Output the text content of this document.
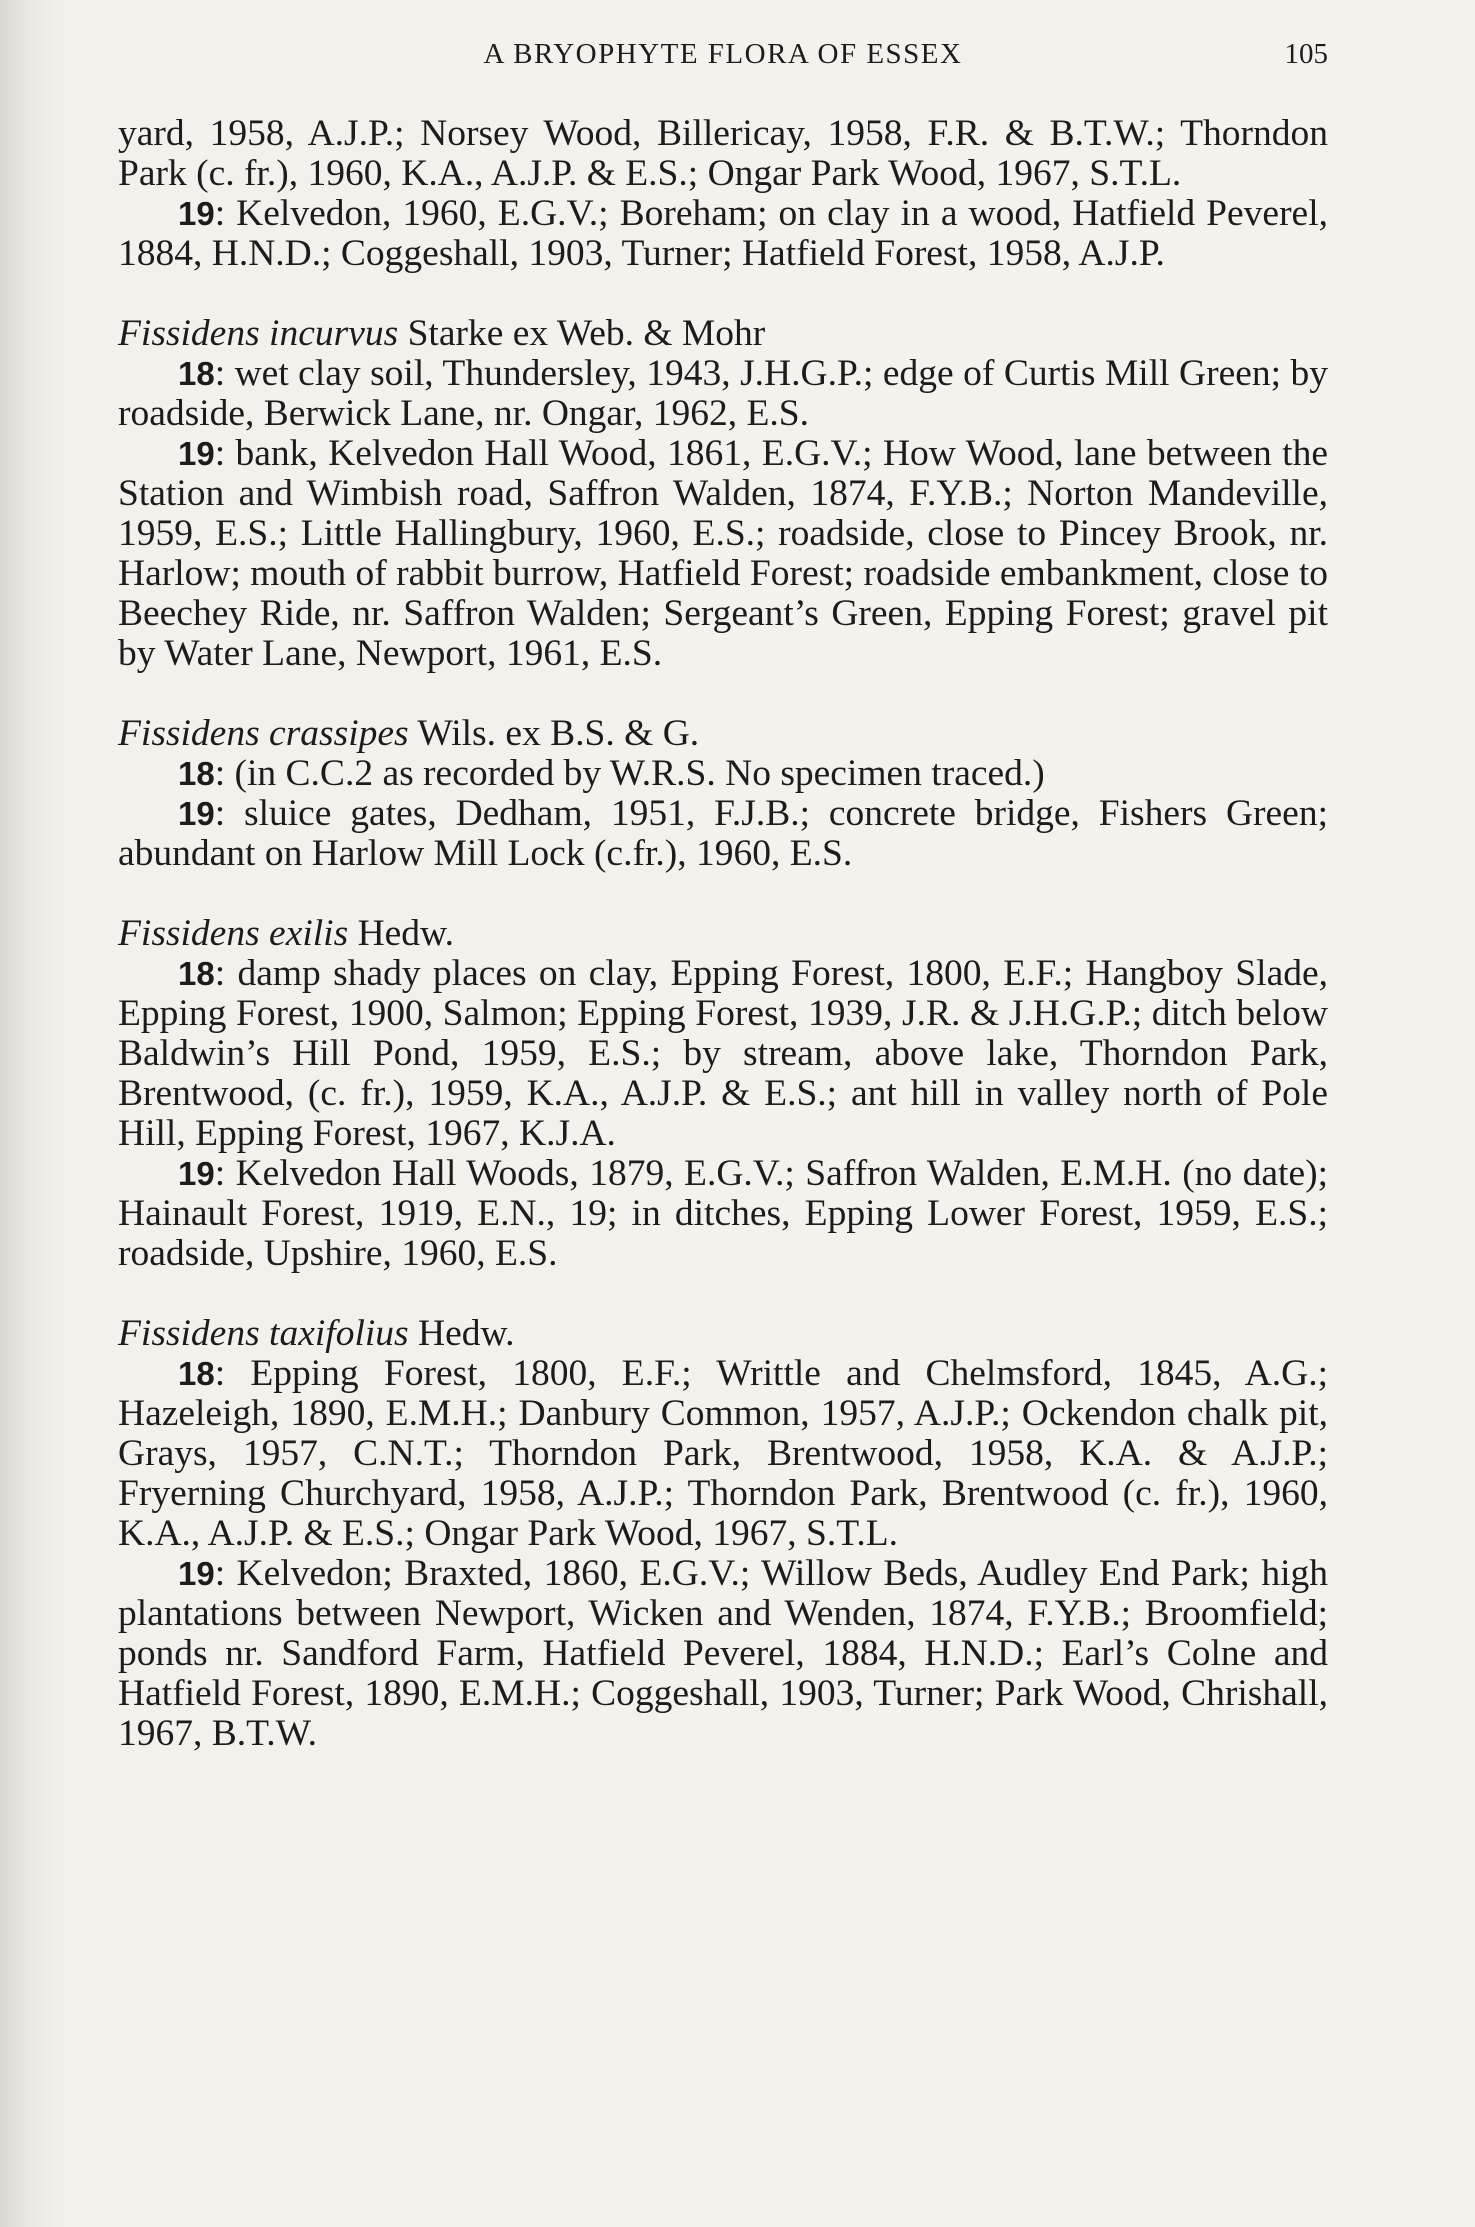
A BRYOPHYTE FLORA OF ESSEX	105

yard, 1958, A.J.P.; Norsey Wood, Billericay, 1958, F.R. & B.T.W.; Thorndon Park (c. fr.), 1960, K.A., A.J.P. & E.S.; Ongar Park Wood, 1967, S.T.L.

19: Kelvedon, 1960, E.G.V.; Boreham; on clay in a wood, Hatfield Peverel, 1884, H.N.D.; Coggeshall, 1903, Turner; Hatfield Forest, 1958, A.J.P.

Fissidens incurvus Starke ex Web. & Mohr

18: wet clay soil, Thundersley, 1943, J.H.G.P.; edge of Curtis Mill Green; by roadside, Berwick Lane, nr. Ongar, 1962, E.S.

19: bank, Kelvedon Hall Wood, 1861, E.G.V.; How Wood, lane between the Station and Wimbish road, Saffron Walden, 1874, F.Y.B.; Norton Mandeville, 1959, E.S.; Little Hallingbury, 1960, E.S.; roadside, close to Pincey Brook, nr. Harlow; mouth of rabbit burrow, Hatfield Forest; roadside embankment, close to Beechey Ride, nr. Saffron Walden; Sergeant’s Green, Epping Forest; gravel pit by Water Lane, Newport, 1961, E.S.

Fissidens crassipes Wils. ex B.S. & G.

18: (in C.C.2 as recorded by W.R.S. No specimen traced.)

19: sluice gates, Dedham, 1951, F.J.B.; concrete bridge, Fishers Green; abundant on Harlow Mill Lock (c.fr.), 1960, E.S.

Fissidens exilis Hedw.

18: damp shady places on clay, Epping Forest, 1800, E.F.; Hangboy Slade, Epping Forest, 1900, Salmon; Epping Forest, 1939, J.R. & J.H.G.P.; ditch below Baldwin’s Hill Pond, 1959, E.S.; by stream, above lake, Thorndon Park, Brentwood, (c. fr.), 1959, K.A., A.J.P. & E.S.; ant hill in valley north of Pole Hill, Epping Forest, 1967, K.J.A.

19: Kelvedon Hall Woods, 1879, E.G.V.; Saffron Walden, E.M.H. (no date); Hainault Forest, 1919, E.N., 19; in ditches, Epping Lower Forest, 1959, E.S.; roadside, Upshire, 1960, E.S.

Fissidens taxifolius Hedw.

18: Epping Forest, 1800, E.F.; Writtle and Chelmsford, 1845, A.G.; Hazeleigh, 1890, E.M.H.; Danbury Common, 1957, A.J.P.; Ockendon chalk pit, Grays, 1957, C.N.T.; Thorndon Park, Brentwood, 1958, K.A. & A.J.P.; Fryerning Churchyard, 1958, A.J.P.; Thorndon Park, Brentwood (c. fr.), 1960, K.A., A.J.P. & E.S.; Ongar Park Wood, 1967, S.T.L.

19: Kelvedon; Braxted, 1860, E.G.V.; Willow Beds, Audley End Park; high plantations between Newport, Wicken and Wenden, 1874, F.Y.B.; Broomfield; ponds nr. Sandford Farm, Hatfield Peverel, 1884, H.N.D.; Earl’s Colne and Hatfield Forest, 1890, E.M.H.; Coggeshall, 1903, Turner; Park Wood, Chrishall, 1967, B.T.W.
